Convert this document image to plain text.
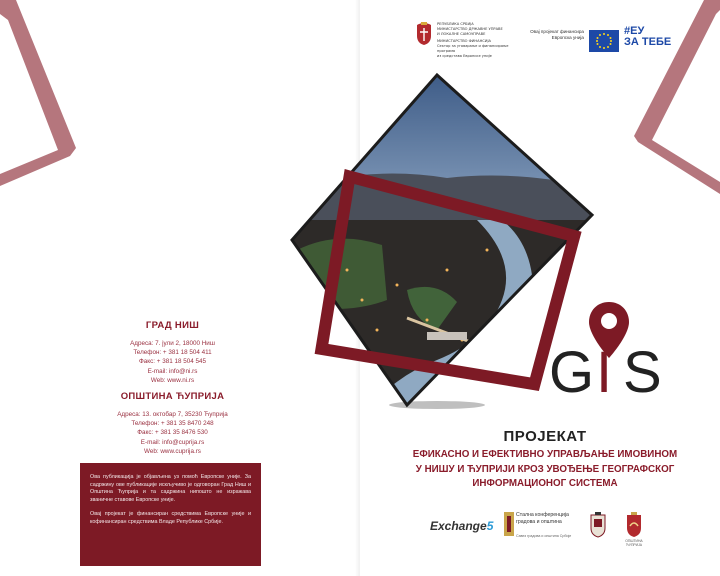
ГРАД НИШ
Адреса: 7. јули 2, 18000 Ниш
Телефон: + 381 18 504 411
Факс: + 381 18 504 545
E-mail: info@ni.rs
Web: www.ni.rs
ОПШТИНА ЋУПРИЈА
Адреса: 13. октобар 7, 35230 Ћуприја
Телефон: + 381 35 8470 248
Факс: + 381 35 8476 530
E-mail: info@cuprija.rs
Web: www.cuprija.rs

Ова публикација је објављена уз помоћ Европске уније. За садржину ове публикације искључиво је одговоран Град Ниш и Општина Ћуприја и та садржина нипошто не изражава званичне ставове Европске уније.

Овај пројекат је финансиран средствима Европске уније и кофинансиран средствима Владе Републике Србије.

РЕПУБЛИКА СРБИЈА
МИНИСТАРСТВО ДРЖАВНЕ УПРАВЕ
И ЛОКАЛНЕ САМОУПРАВЕ
МИНИСТАРСТВО ФИНАНСИЈА
Сектор за уговарање и финансирање програма
из средстава Европске уније
Овај пројекат финансира Европска унија
#ЕУ
ЗА ТЕБЕ
G I S
ПРОЈЕКАТ
ЕФИКАСНО И ЕФЕКТИВНО УПРАВЉАЊЕ ИМОВИНОМ
У НИШУ И ЋУПРИЈИ КРОЗ УВОЂЕЊЕ ГЕОГРАФСКОГ
ИНФОРМАЦИОНОГ СИСТЕМА
Exchange5
Стална конференција градова и општина
Савез градова и општина Србије
ОПШТИНА ЋУПРИЈА
